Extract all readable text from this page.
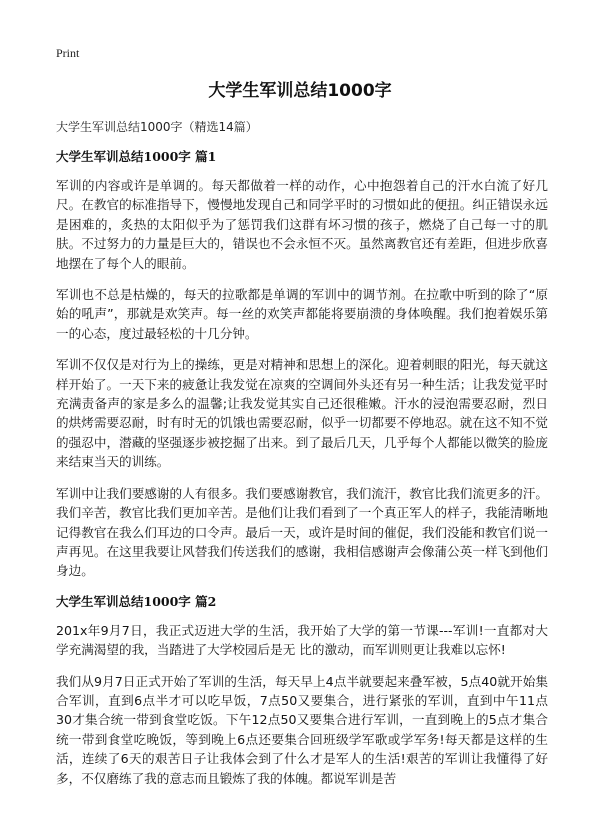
Print
大学生军训总结1000字
大学生军训总结1000字（精选14篇）
大学生军训总结1000字 篇1

军训的内容或许是单调的。每天都做着一样的动作，心中抱怨着自己的汗水白流了好几尺。在教官的标准指导下，慢慢地发现自己和同学平时的习惯如此的便扭。纠正错误永远是困难的，炙热的太阳似乎为了惩罚我们这群有坏习惯的孩子，燃烧了自己每一寸的肌肤。不过努力的力量是巨大的，错误也不会永恒不灭。虽然离教官还有差距，但进步欣喜地摆在了每个人的眼前。

军训也不总是枯燥的，每天的拉歌都是单调的军训中的调节剂。在拉歌中听到的除了“原始的吼声”，那就是欢笑声。每一丝的欢笑声都能将要崩溃的身体唤醒。我们抱着娱乐第一的心态，度过最轻松的十几分钟。

军训不仅仅是对行为上的操练，更是对精神和思想上的深化。迎着刺眼的阳光，每天就这样开始了。一天下来的疲惫让我发觉在凉爽的空调间外头还有另一种生活；让我发觉平时充满责备声的家是多么的温馨;让我发觉其实自己还很稚嫩。汗水的浸泡需要忍耐，烈日的烘烤需要忍耐，时有时无的饥饿也需要忍耐，似乎一切都要不停地忍。就在这不知不觉的强忍中，潜藏的坚强逐步被挖掘了出来。到了最后几天，几乎每个人都能以微笑的脸庞来结束当天的训练。

军训中让我们要感谢的人有很多。我们要感谢教官，我们流汗，教官比我们流更多的汗。我们辛苦，教官比我们更加辛苦。是他们让我们看到了一个真正军人的样子，我能清晰地记得教官在我么们耳边的口令声。最后一天，或许是时间的催促，我们没能和教官们说一声再见。在这里我要让风替我们传送我们的感谢，我相信感谢声会像蒲公英一样飞到他们身边。

大学生军训总结1000字 篇2

201x年9月7日，我正式迈进大学的生活，我开始了大学的第一节课---军训!一直都对大学充满渴望的我，当踏进了大学校园后是无 比的激动，而军训则更让我难以忘怀!

我们从9月7日正式开始了军训的生活，每天早上4点半就要起来叠军被，5点40就开始集合军训，直到6点半才可以吃早饭，7点50又要集合，进行紧张的军训，直到中午11点30才集合统一带到食堂吃饭。下午12点50又要集合进行军训，一直到晚上的5点才集合统一带到食堂吃晚饭，等到晚上6点还要集合回班级学军歌或学军务!每天都是这样的生活，连续了6天的艰苦日子让我体会到了什么才是军人的生活!艰苦的军训让我懂得了好多，不仅磨练了我的意志而且锻炼了我的体魄。都说军训是苦
